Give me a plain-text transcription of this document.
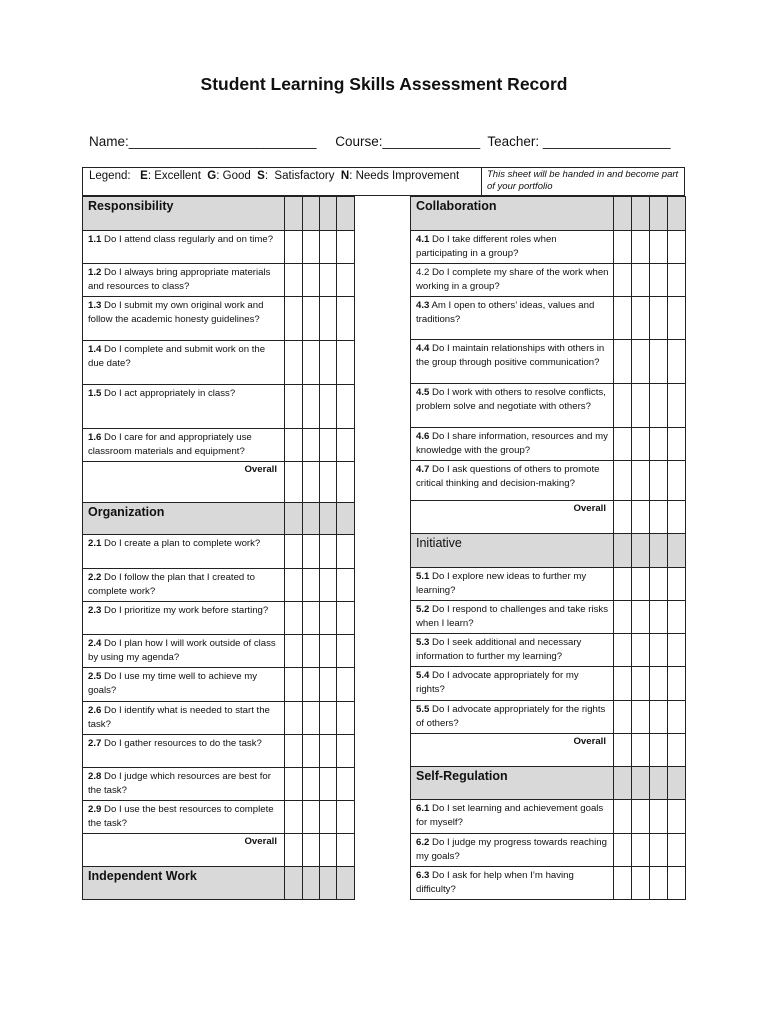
Student Learning Skills Assessment Record
Name:_________________________     Course:_____________  Teacher: _________________
Legend: E: Excellent G: Good S:  Satisfactory N: Needs Improvement	This sheet will be handed in and become part of your portfolio
Responsibility				
1.1 Do I attend class regularly and on time?				
1.2 Do I always bring appropriate materials and resources to class?				
1.3 Do I submit my own original work and follow the academic honesty guidelines?				
1.4 Do I complete and submit work on the due date?				
1.5 Do I act appropriately in class?				
1.6 Do I care for and appropriately use classroom materials and equipment?				
Overall				
Organization				
2.1 Do I create a plan to complete work?				
2.2 Do I follow the plan that I created to complete work?				
2.3 Do I prioritize my work before starting?				
2.4 Do I plan how I will work outside of class by using my agenda?				
2.5 Do I use my time well to achieve my goals?				
2.6 Do I identify what is needed to start the task?				
2.7 Do I gather resources to do the task?				
2.8 Do I judge which resources are best for the task?				
2.9 Do I use the best resources to complete the task?				
Overall				
Independent Work				
Collaboration				
4.1 Do I take different roles when participating in a group?				
4.2 Do I complete my share of the work when working in a group?				
4.3 Am I open to others’ ideas, values and traditions?				
4.4 Do I maintain relationships with others in the group through positive communication?				
4.5 Do I work with others to resolve conflicts, problem solve and negotiate with others?				
4.6 Do I share information, resources and my knowledge with the group?				
4.7 Do I ask questions of others to promote critical thinking and decision-making?				
Overall				
Initiative				
5.1 Do I explore new ideas to further my learning?				
5.2 Do I respond to challenges and take risks when I learn?				
5.3 Do I seek additional and necessary information to further my learning?				
5.4 Do I advocate appropriately for my rights?				
5.5 Do I advocate appropriately for the rights of others?				
Overall				
Self-Regulation				
6.1 Do I set learning and achievement goals for myself?				
6.2 Do I judge my progress towards reaching my goals?				
6.3 Do I ask for help when I’m having difficulty?				
